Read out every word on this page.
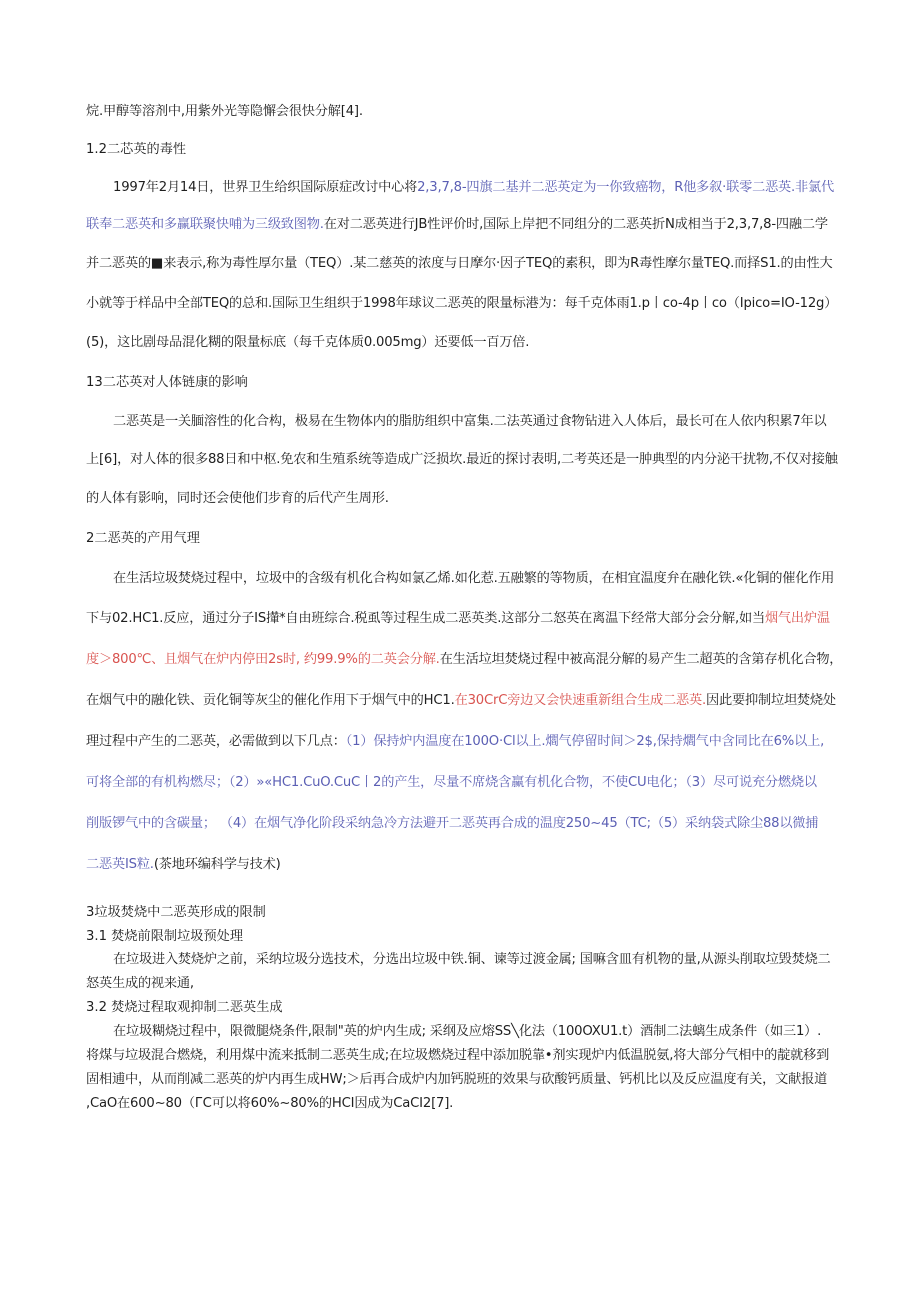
烷.甲醇等溶剂中,用紫外光等隐懈会很快分解[4].
1.2二芯英的毒性
1997年2月14日，世界卫生给织国际原症改讨中心将2,3,7,8-四旗二基并二恶英定为一你致癌物，R他多叙·联零二恶英.非氯代
联奉二恶英和多赢联聚快哺为三级致图物.在对二恶英进行JB性评价时,国际上岸把不同组分的二恶英折N成相当于2,3,7,8-四融二学
并二恶英的■来表示,称为毒性厚尔量（TEQ）.某二慈英的浓度与日摩尔·因子TEQ的素积，即为R毒性摩尔量TEQ.而择S1.的由性大
小就等于样品中全部TEQ的总和.国际卫生组织于1998年球议二恶英的限量标港为：每千克体雨1.p丨co-4p丨co（Ipico=IO-12g）
(5)，这比剧母品混化糊的限量标底（每千克体质0.005mg）还要低一百万倍.
13二芯英对人体链康的影响
二恶英是一关腼溶性的化合构，极易在生物体内的脂肪组织中富集.二法英通过食物钻进入人体后，最长可在人依内积累7年以
上[6]，对人体的很多88日和中枢.免农和生殖系统等造成广泛损坎.最近的探讨表明,二考英还是一肿典型的内分泌干扰物,不仅对接触
的人体有影响，同时还会使他们步育的后代产生周形.
2二恶英的产用气理
在生活垃圾焚烧过程中，垃圾中的含级有机化合构如氯乙烯.如化惹.五融繁的等物质，在相宜温度弁在融化铁.«化铜的催化作用
下与02.HC1.反应，通过分子IS攆*自由班综合.税虱等过程生成二恶英类.这部分二怒英在离温下经常大部分会分解,如当烟气出炉温
度＞800℃、且烟气在炉内停田2s时, 约99.9%的二英会分解.在生活垃坦焚烧过程中被高混分解的易产生二超英的含第存机化合物，
在烟气中的融化铁、贡化铜等灰尘的催化作用下于烟气中的HC1.在30CrC旁边又会快速重新组合生成二恶英.因此要抑制垃坦焚烧处
理过程中产生的二恶英，必需做到以下几点：（1）保持炉内温度在100O·Cl以上.爓气停留时间＞2$,保持爓气中含同比在6%以上,
可将全部的有机构燃尽；（2）»«HC1.CuO.CuC丨2的产生，尽量不席烧含赢有机化合物，不使CU电化；（3）尽可说充分燃烧以
削版锣气中的含碳量； （4）在烟气净化阶段采纳急冷方法避开二恶英再合成的温度250~45（TC;（5）采纳袋式除尘88以微捕
二恶英IS粒.(茶地环编科学与技术)
3垃圾焚烧中二恶英形成的限制
3.1 焚烧前限制垃圾预处理
在垃圾进入焚烧炉之前，采纳垃圾分选技术，分选出垃圾中铁.铜、谏等过渡金属; 国嘛含皿有机物的量,从源头削取垃毁焚烧二
怒英生成的视来通,
3.2 焚烧过程取观抑制二恶英生成
在垃圾糊烧过程中，限微腿烧条件,限制"英的炉内生成; 采纲及应熔SS╲化法（100OXU1.t）酒制二法螭生成条件（如三1）.
将煤与垃圾混合燃烧，利用煤中流来抵制二恶英生成;在垃圾燃烧过程中添加脱靠•剂实现炉内低温脱氨,将大部分气相中的靛就移到
固相逋中，从而削减二恶英的炉内再生成HW;＞后再合成炉内加钙脱班的效果与砍酸钙质量、钙机比以及反应温度有关，文献报道
,CaO在600~80（ГC可以将60%~80%的HCI因成为CaCI2[7].
